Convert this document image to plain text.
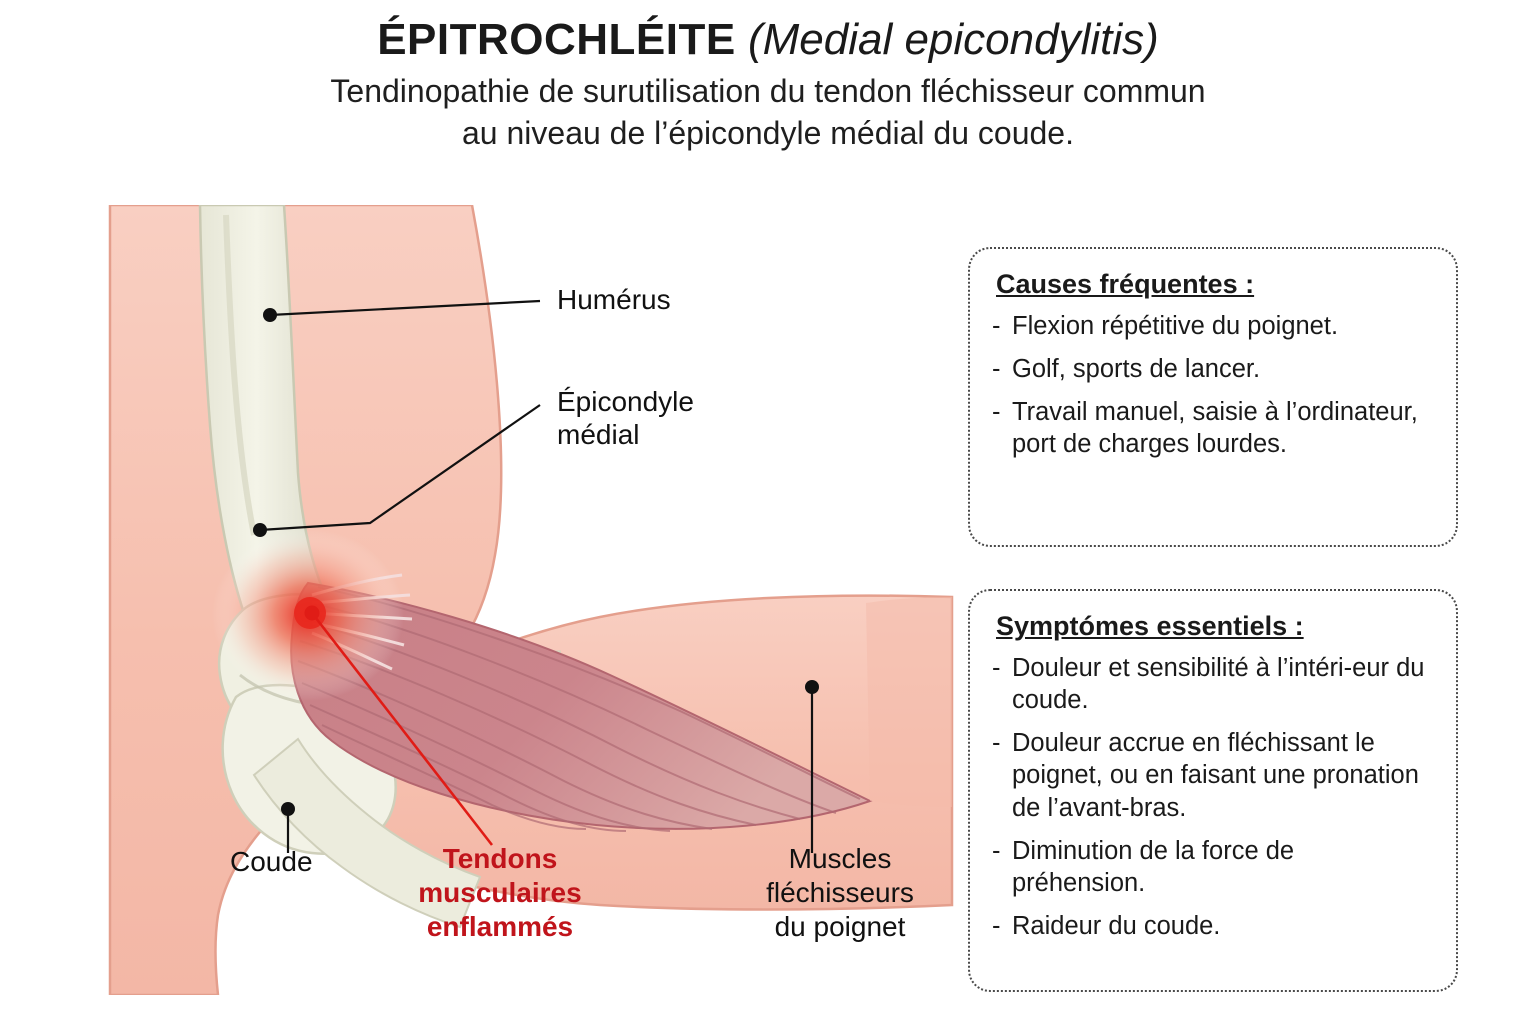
ÉPITROCHLÉITE (Medial epicondylitis)
Tendinopathie de surutilisation du tendon fléchisseur commun
au niveau de l’épicondyle médial du coude.
Humérus
Épicondyle
médial
Coude	Tendons
musculaires
enflammés
Muscles
fléchisseurs
du poignet
Causes fréquentes :
- Flexion répétitive du poignet.
- Golf, sports de lancer.
- Travail manuel, saisie à l’ordinateur, port de charges lourdes.
Symptómes essentiels :
- Douleur et sensibilité à l’intéri-eur du coude.
- Douleur accrue en fléchissant le poignet, ou en faisant une pronation de l’avant-bras.
- Diminution de la force de préhension.
- Raideur du coude.
